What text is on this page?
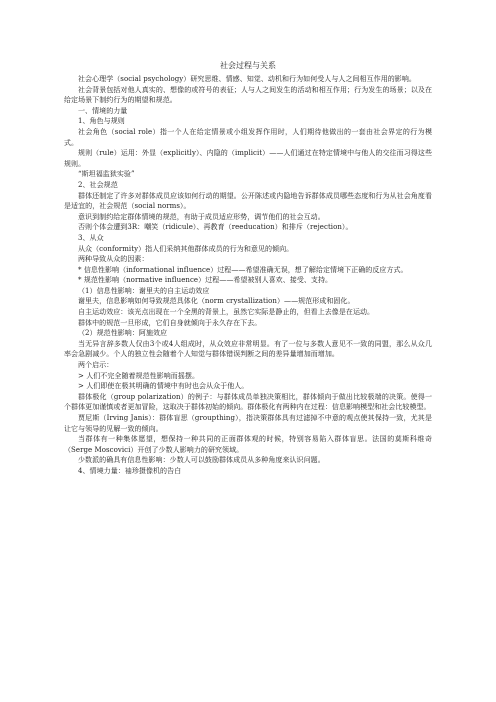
社会过程与关系

社会心理学（social psychology）研究思维、情感、知觉、动机和行为如何受人与人之间相互作用的影响。

社会背景包括对他人真实的、想像的或符号的表征；人与人之间发生的活动和相互作用；行为发生的场景；以及在给定场景下制约行为的期望和规范。

一、情境的力量

1、角色与规则

社会角色（social role）指一个人在给定情景或小组发挥作用时，人们期待他做出的一套由社会界定的行为模式。

规则（rule）运用：外显（explicitly）、内隐的（implicit）——人们通过在特定情境中与他人的交往而习得这些规则。

“斯坦福监狱实验”

2、社会规范

群体还制定了许多对群体成员应该如何行动的期望。公开陈述或内隐地告诉群体成员哪些态度和行为从社会角度看是适宜的，社会规范（social norms）。

意识到制约给定群体情境的规范，有助于成员适应形势，调节他们的社会互动。

否则个体会遭到3R：嘲笑（ridicule）、再教育（reeducation）和排斥（rejection）。

3、从众

从众（conformity）指人们采纳其他群体成员的行为和意见的倾向。

两种导致从众的因素：

* 信息性影响（informational influence）过程——希望准确无误，想了解给定情境下正确的反应方式。

* 规范性影响（normative influence）过程——希望被别人喜欢、接受、支持。

（1）信息性影响：谢里夫的自主运动效应

谢里夫，信息影响如何导致规范具体化（norm crystallization）——规范形成和固化。

自主运动效应：该光点出现在一个全黑的背景上，虽然它实际是静止的，但看上去像是在运动。

群体中的规范一旦形成，它们自身就倾向于永久存在下去。

（2）规范性影响：阿施效应

当无异言辞多数人仅由3个或4人组成时，从众效应非常明显。有了一位与多数人意见不一致的同盟，那么从众几率会急剧减少。个人的独立性会随着个人知觉与群体错误判断之间的差异量增加而增加。

两个启示：

> 人们不完全随着规范性影响而摇摆。

> 人们即使在极其明确的情境中有时也会从众于他人。

群体极化（group polarization）的例子：与群体成员单独决策相比，群体倾向于做出比较极端的决策。使得一个群体更加谨慎或者更加冒险，这取决于群体初始的倾向。群体极化有两种内在过程：信息影响模型和社会比较模型。

贾尼斯（Irving Janis）：群体盲思（groupthing），指决策群体具有过滤掉不中意的观点使其保持一致，尤其是让它与领导的见解一致的倾向。

当群体有一种集体愿望，想保持一种共同的正面群体观的时候，特别容易陷入群体盲思。法国的莫斯科维奇（Serge Moscovici）开创了少数人影响力的研究领域。

少数派的确具有信息性影响：少数人可以鼓励群体成员从多种角度来认识问题。

4、情境力量：袖珍摄像机的告白
